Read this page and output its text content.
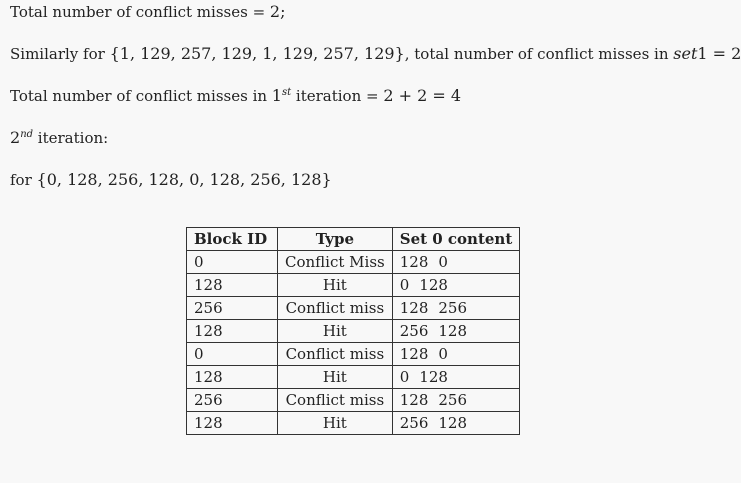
Total number of conflict misses = 2;
Similarly for {1, 129, 257, 129, 1, 129, 257, 129}, total number of conflict misses in set1 = 2
Total number of conflict misses in 1st iteration = 2 + 2 = 4
2nd iteration:
for {0, 128, 256, 128, 0, 128, 256, 128}
Block ID	Type	Set 0 content
0	Conflict Miss	128 0
128	Hit	0 128
256	Conflict miss	128 256
128	Hit	256 128
0	Conflict miss	128 0
128	Hit	0 128
256	Conflict miss	128 256
128	Hit	256 128
